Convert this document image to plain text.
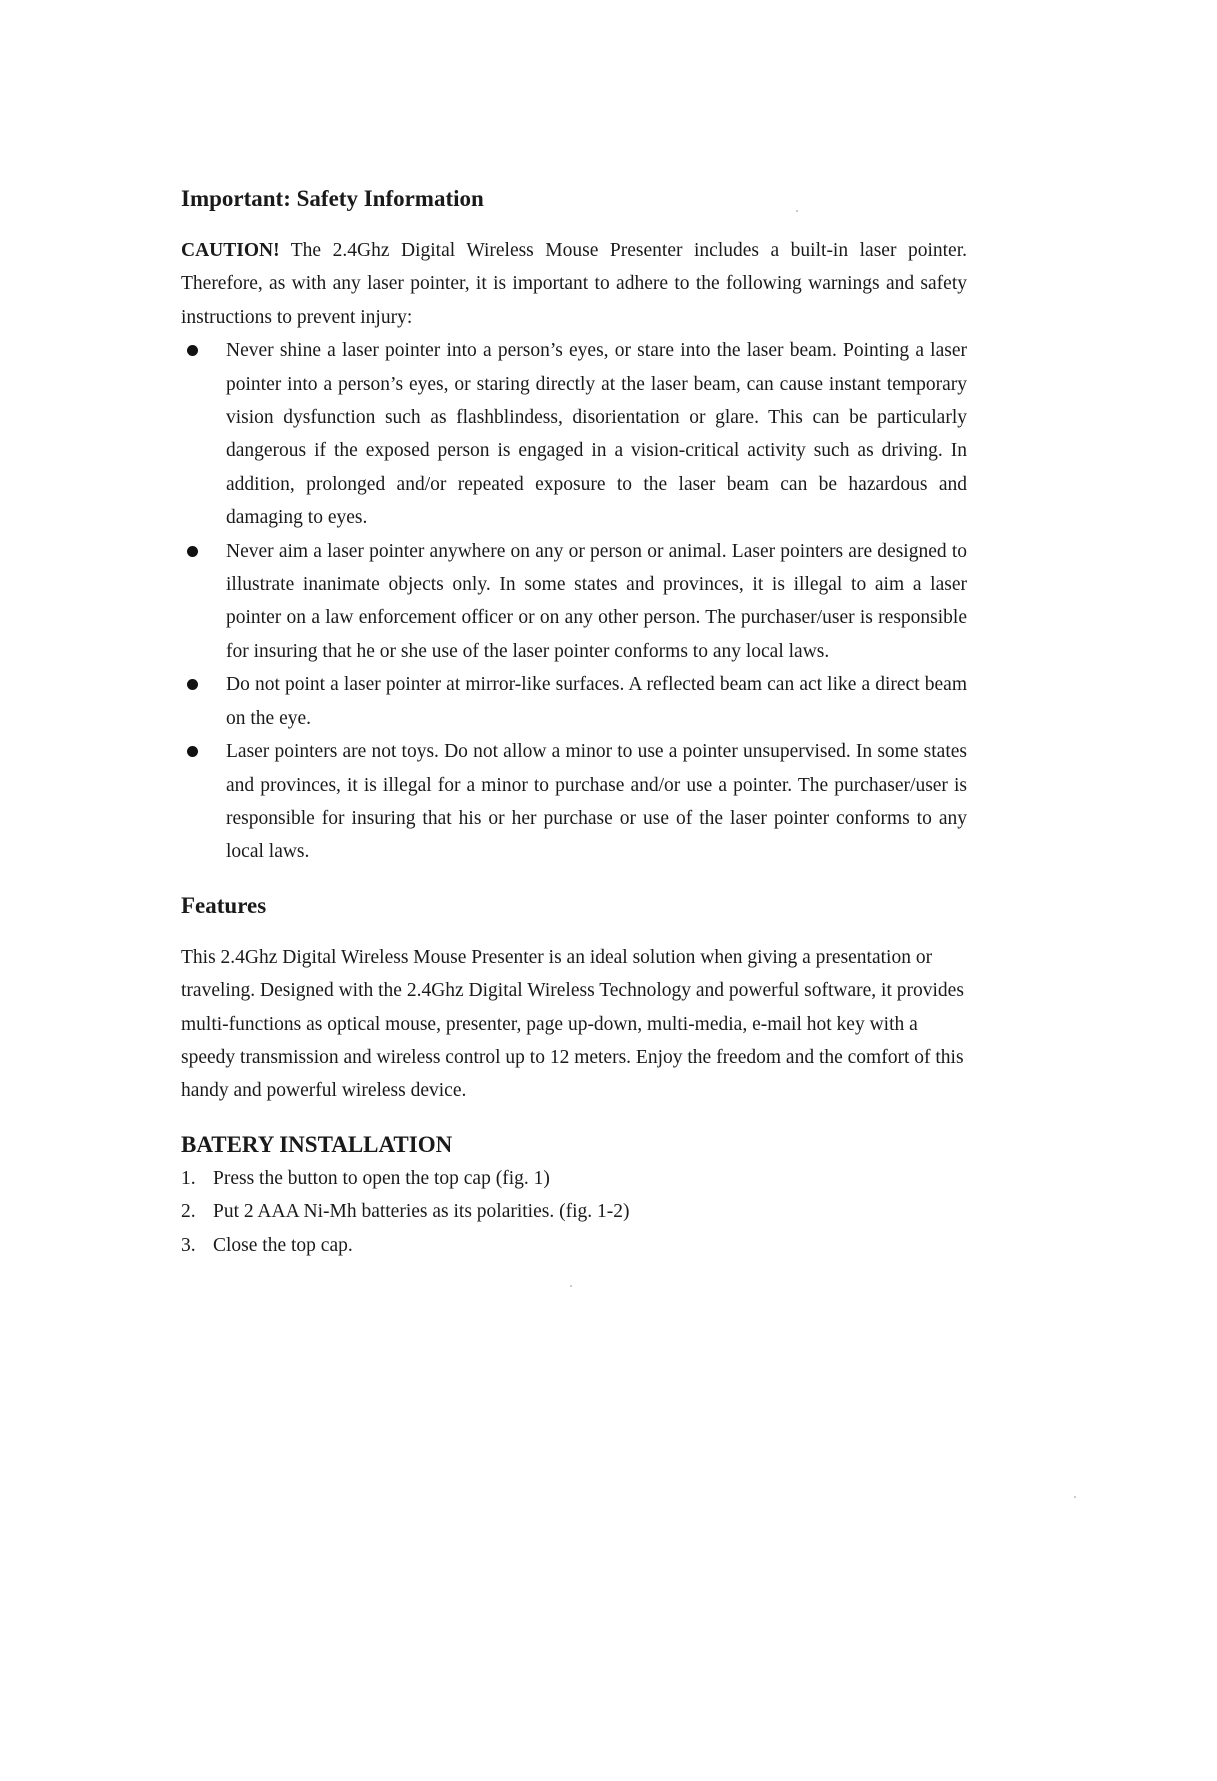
Important: Safety Information

CAUTION! The 2.4Ghz Digital Wireless Mouse Presenter includes a built-in laser pointer. Therefore, as with any laser pointer, it is important to adhere to the following warnings and safety instructions to prevent injury:

Never shine a laser pointer into a person’s eyes, or stare into the laser beam. Pointing a laser pointer into a person’s eyes, or staring directly at the laser beam, can cause instant temporary vision dysfunction such as flashblindess, disorientation or glare. This can be particularly dangerous if the exposed person is engaged in a vision-critical activity such as driving. In addition, prolonged and/or repeated exposure to the laser beam can be hazardous and damaging to eyes.
Never aim a laser pointer anywhere on any or person or animal. Laser pointers are designed to illustrate inanimate objects only. In some states and provinces, it is illegal to aim a laser pointer on a law enforcement officer or on any other person. The purchaser/user is responsible for insuring that he or she use of the laser pointer conforms to any local laws.
Do not point a laser pointer at mirror-like surfaces. A reflected beam can act like a direct beam on the eye.
Laser pointers are not toys. Do not allow a minor to use a pointer unsupervised. In some states and provinces, it is illegal for a minor to purchase and/or use a pointer. The purchaser/user is responsible for insuring that his or her purchase or use of the laser pointer conforms to any local laws.
Features

This 2.4Ghz Digital Wireless Mouse Presenter is an ideal solution when giving a presentation or traveling. Designed with the 2.4Ghz Digital Wireless Technology and powerful software, it provides multi-functions as optical mouse, presenter, page up-down, multi-media, e-mail hot key with a speedy transmission and wireless control up to 12 meters. Enjoy the freedom and the comfort of this handy and powerful wireless device.

BATERY INSTALLATION
1. Press the button to open the top cap (fig. 1)
2. Put 2 AAA Ni-Mh batteries as its polarities. (fig. 1-2)
3. Close the top cap.
